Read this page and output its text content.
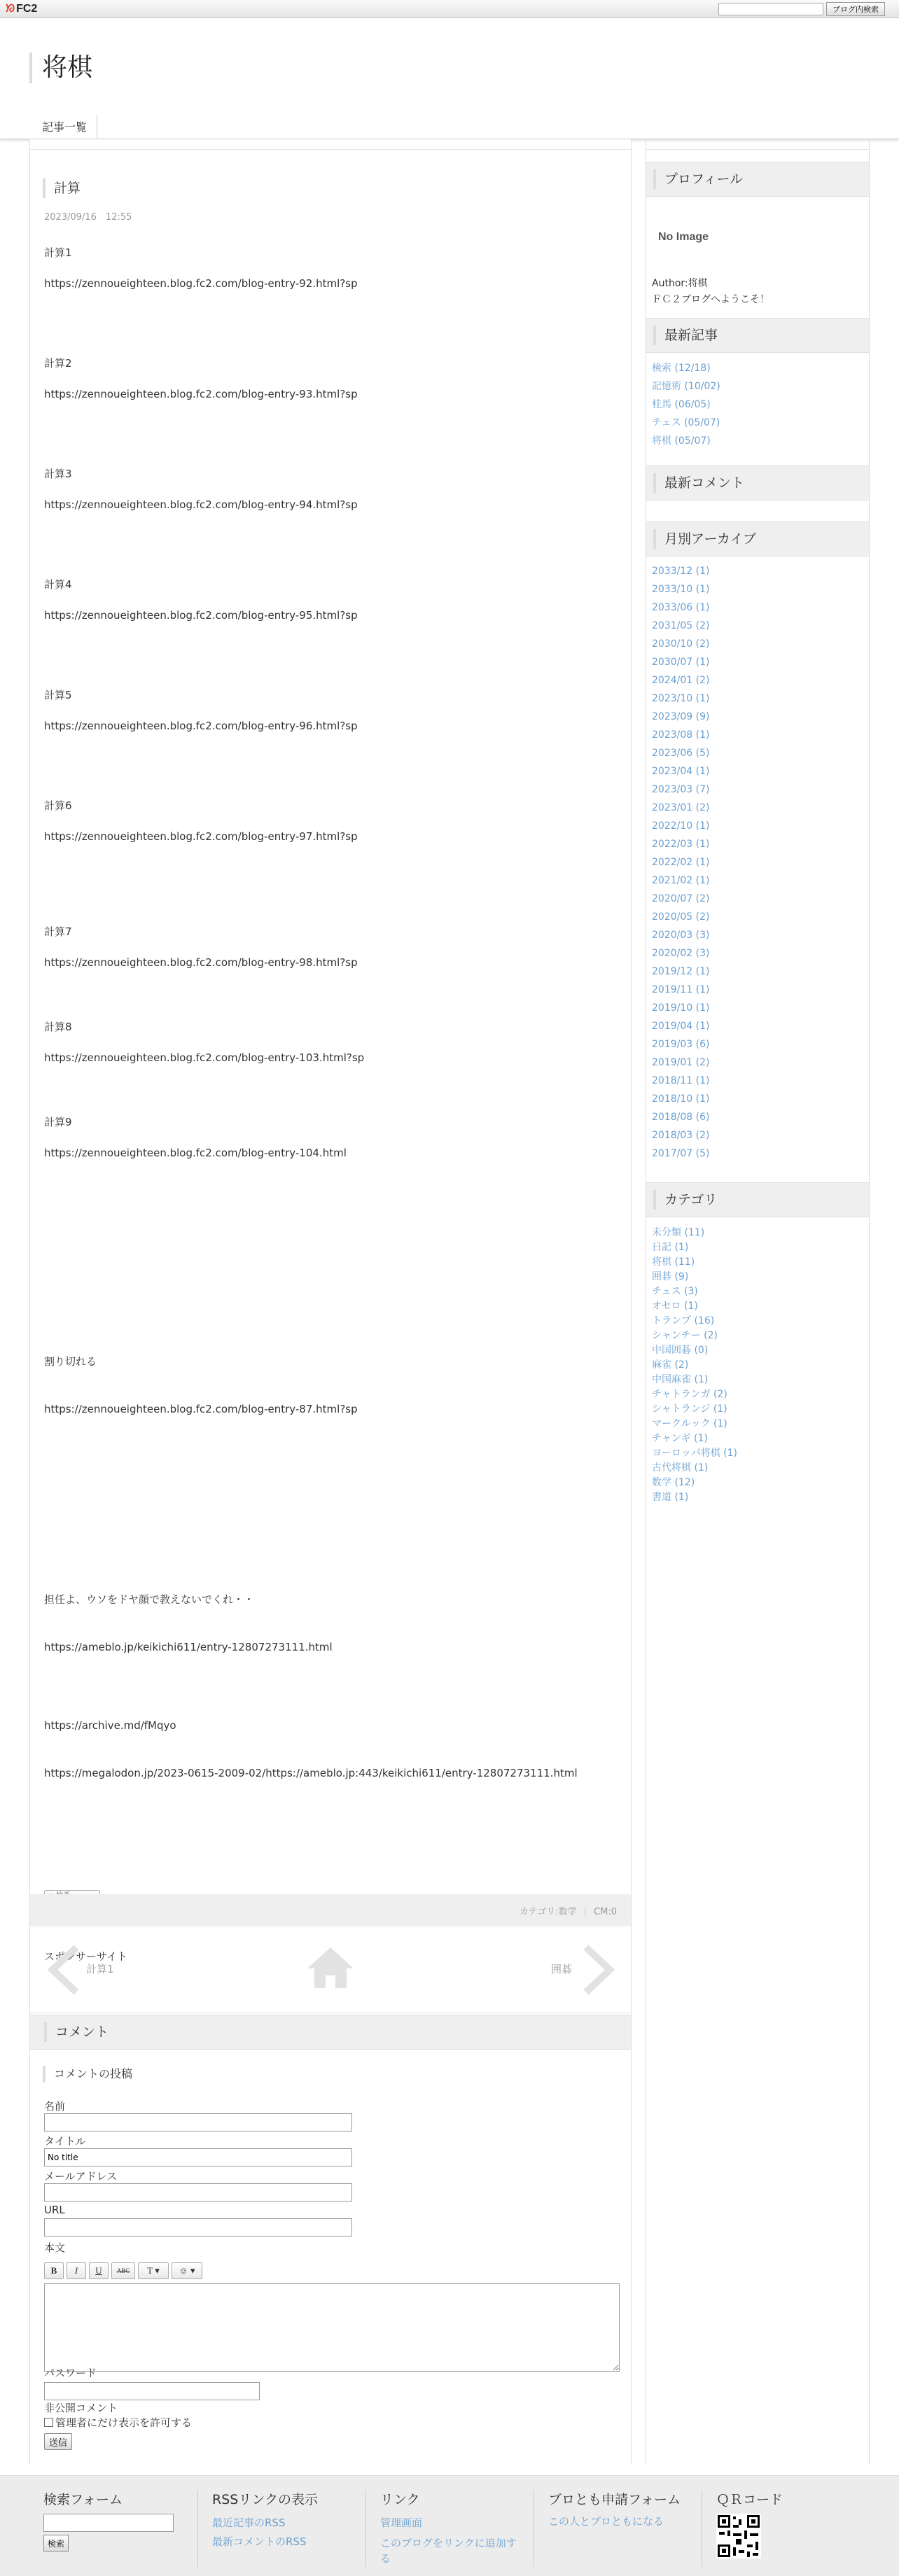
ᘞ FC2	ブログ内検索
将棋
記事一覧
計算
2023/09/16　12:55
計算1
https://zennoueighteen.blog.fc2.com/blog-entry-92.html?sp
計算2
https://zennoueighteen.blog.fc2.com/blog-entry-93.html?sp
計算3
https://zennoueighteen.blog.fc2.com/blog-entry-94.html?sp
計算4
https://zennoueighteen.blog.fc2.com/blog-entry-95.html?sp
計算5
https://zennoueighteen.blog.fc2.com/blog-entry-96.html?sp
計算6
https://zennoueighteen.blog.fc2.com/blog-entry-97.html?sp
計算7
https://zennoueighteen.blog.fc2.com/blog-entry-98.html?sp
計算8
https://zennoueighteen.blog.fc2.com/blog-entry-103.html?sp
計算9
https://zennoueighteen.blog.fc2.com/blog-entry-104.html
割り切れる
https://zennoueighteen.blog.fc2.com/blog-entry-87.html?sp
担任よ、ウソをドヤ顔で教えないでくれ・・
https://ameblo.jp/keikichi611/entry-12807273111.html
https://archive.md/fMqyo
https://megalodon.jp/2023-0615-2009-02/https://ameblo.jp:443/keikichi611/entry-12807273111.html
スポンサーサイト
カテゴリ:数学 | CM:0
計算1	囲碁
コメント
コメントの投稿
名前
タイトル
No title
メールアドレス
URL
本文
B	I	U	ABC	T ▾	☺ ▾
パスワード
非公開コメント
管理者にだけ表示を許可する
送信
プロフィール
No Image
Author:将棋
ＦＣ２ブログへようこそ！
最新記事
検索 (12/18)
記憶術 (10/02)
桂馬 (06/05)
チェス (05/07)
将棋 (05/07)
最新コメント
月別アーカイブ
2033/12 (1)
2033/10 (1)
2033/06 (1)
2031/05 (2)
2030/10 (2)
2030/07 (1)
2024/01 (2)
2023/10 (1)
2023/09 (9)
2023/08 (1)
2023/06 (5)
2023/04 (1)
2023/03 (7)
2023/01 (2)
2022/10 (1)
2022/03 (1)
2022/02 (1)
2021/02 (1)
2020/07 (2)
2020/05 (2)
2020/03 (3)
2020/02 (3)
2019/12 (1)
2019/11 (1)
2019/10 (1)
2019/04 (1)
2019/03 (6)
2019/01 (2)
2018/11 (1)
2018/10 (1)
2018/08 (6)
2018/03 (2)
2017/07 (5)
カテゴリ
未分類 (11)
日記 (1)
将棋 (11)
囲碁 (9)
チェス (3)
オセロ (1)
トランプ (16)
シャンチー (2)
中国囲碁 (0)
麻雀 (2)
中国麻雀 (1)
チャトランガ (2)
シャトランジ (1)
マークルック (1)
チャンギ (1)
ヨーロッパ将棋 (1)
古代将棋 (1)
数学 (12)
書道 (1)
検索フォーム
検索
RSSリンクの表示
最近記事のRSS
最新コメントのRSS
リンク
管理画面
このブログをリンクに追加する
ブロとも申請フォーム
この人とブロともになる
ＱＲコード
